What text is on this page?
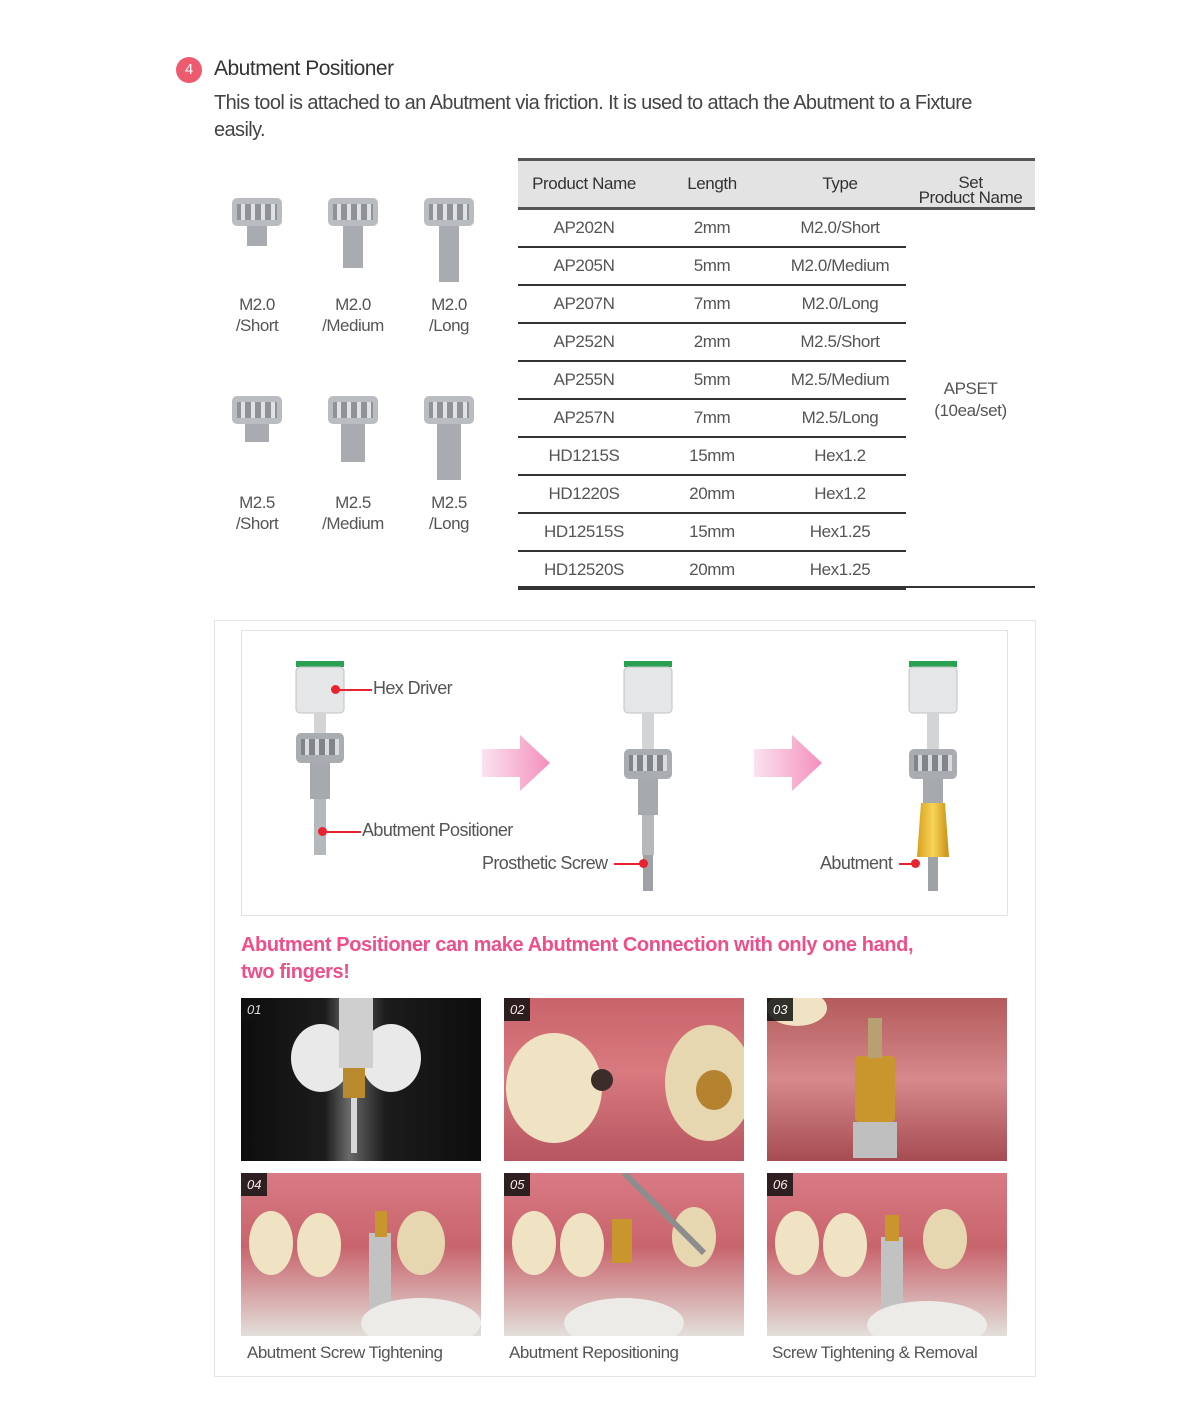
4 Abutment Positioner
This tool is attached to an Abutment via friction. It is used to attach the Abutment to a Fixture easily.
M2.0
/Short
M2.0
/Medium
M2.0
/Long
M2.5
/Short
M2.5
/Medium
M2.5
/Long
Product Name	Length	Type	Set
Product Name

AP202N	2mm	M2.0/Short	APSET
(10ea/set)

AP205N	5mm	M2.0/Medium	
AP207N	7mm	M2.0/Long	
AP252N	2mm	M2.5/Short	
AP255N	5mm	M2.5/Medium	
AP257N	7mm	M2.5/Long	
HD1215S	15mm	Hex1.2	
HD1220S	20mm	Hex1.2	
HD12515S	15mm	Hex1.25	
HD12520S	20mm	Hex1.25	
Hex Driver
Abutment Positioner
Prosthetic Screw	Abutment
Abutment Positioner can make Abutment Connection with only one hand, two fingers!
01	02	03
04	05	06
Abutment Screw Tightening	Abutment Repositioning	Screw Tightening & Removal
